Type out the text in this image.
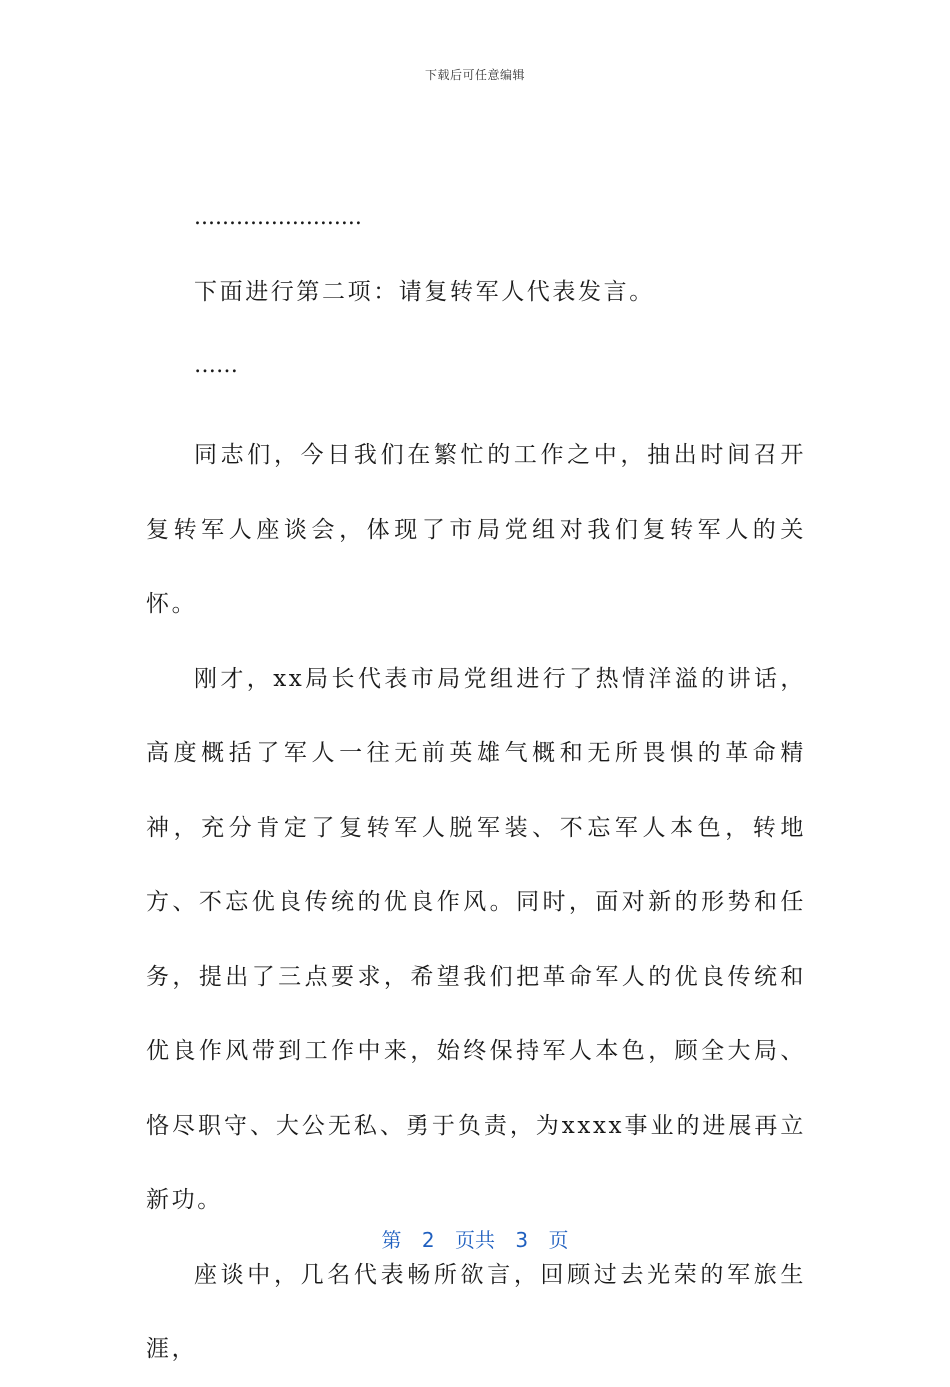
下载后可任意编辑
........................

下面进行第二项：请复转军人代表发言。

……

同志们，今日我们在繁忙的工作之中，抽出时间召开复转军人座谈会，体现了市局党组对我们复转军人的关怀。

刚才，xx局长代表市局党组进行了热情洋溢的讲话，高度概括了军人一往无前英雄气概和无所畏惧的革命精神，充分肯定了复转军人脱军装、不忘军人本色，转地方、不忘优良传统的优良作风。同时，面对新的形势和任务，提出了三点要求，希望我们把革命军人的优良传统和优良作风带到工作中来，始终保持军人本色，顾全大局、恪尽职守、大公无私、勇于负责，为xxxx事业的进展再立新功。

座谈中，几名代表畅所欲言，回顾过去光荣的军旅生涯，

第 2 页共 3 页
